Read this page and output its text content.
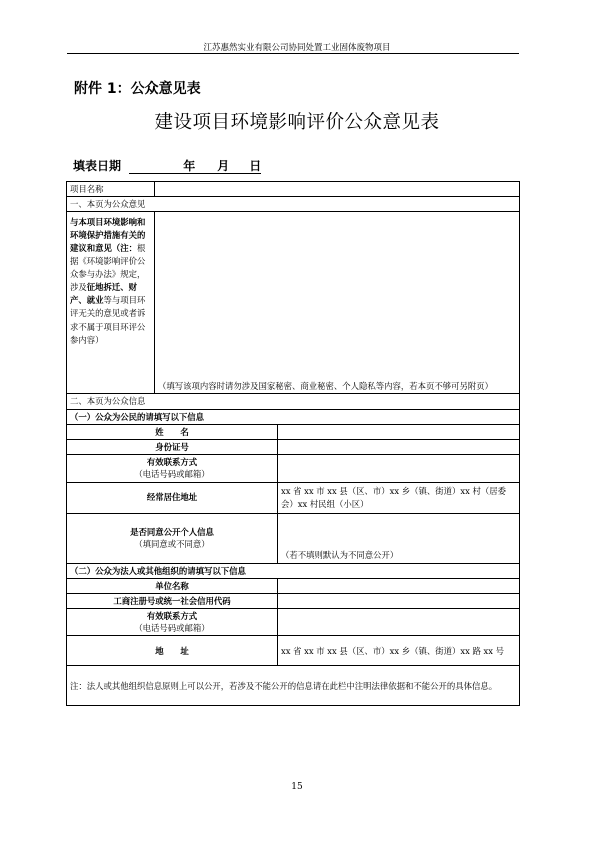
江苏惠然实业有限公司协同处置工业固体废物项目
附件 1：公众意见表
建设项目环境影响评价公众意见表
填表日期	年 月 日
项目名称		
一、本页为公众意见		
与本项目环境影响和环境保护措施有关的建议和意见（注：根据《环境影响评价公众参与办法》规定，涉及征地拆迁、财产、就业等与项目环评无关的意见或者诉求不属于项目环评公参内容）	（填写该项内容时请勿涉及国家秘密、商业秘密、个人隐私等内容，若本页不够可另附页）	
二、本页为公众信息		
（一）公众为公民的请填写以下信息		
姓　　名		
身份证号		

有效联系方式
（电话号码或邮箱）		

经常居住地址		xx 省 xx 市 xx 县（区、市）xx 乡（镇、街道）xx 村（居委会）xx 村民组（小区）

是否同意公开个人信息
（填同意或不同意）		（若不填则默认为不同意公开）
（二）公众为法人或其他组织的请填写以下信息		
单位名称		
工商注册号或统一社会信用代码		

有效联系方式
（电话号码或邮箱）		

地　　址		xx 省 xx 市 xx 县（区、市）xx 乡（镇、街道）xx 路 xx 号
注：法人或其他组织信息原则上可以公开，若涉及不能公开的信息请在此栏中注明法律依据和不能公开的具体信息。		
15
